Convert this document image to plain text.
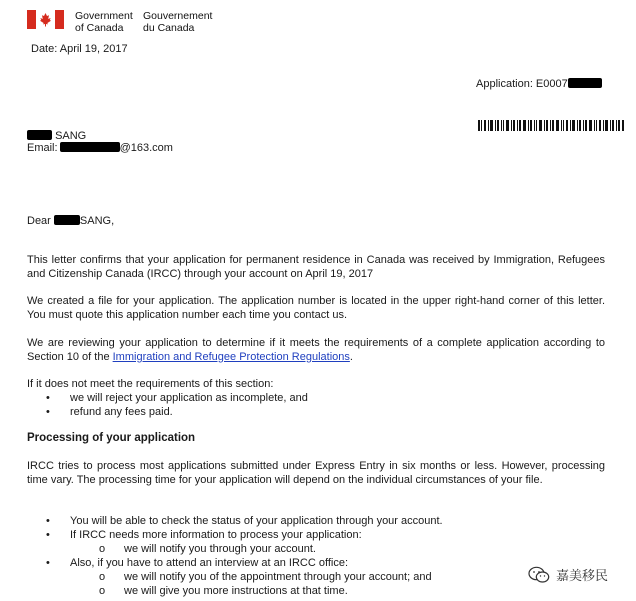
Government
of Canada
Gouvernement
du Canada
Date: April 19, 2017
Application: E0007
SANG
Email:	@163.com
Dear	SANG,
This letter confirms that your application for permanent residence in Canada was received by Immigration, Refugees and Citizenship Canada (IRCC) through your account on April 19, 2017
We created a file for your application. The application number is located in the upper right-hand corner of this letter. You must quote this application number each time you contact us.
We are reviewing your application to determine if it meets the requirements of a complete application according to Section 10 of the Immigration and Refugee Protection Regulations.
If it does not meet the requirements of this section:
• we will reject your application as incomplete, and
• refund any fees paid.
Processing of your application
IRCC tries to process most applications submitted under Express Entry in six months or less. However, processing time vary. The processing time for your application will depend on the individual circumstances of your file.
• You will be able to check the status of your application through your account.
• If IRCC needs more information to process your application:
o we will notify you through your account.
• Also, if you have to attend an interview at an IRCC office:
o we will notify you of the appointment through your account; and
o we will give you more instructions at that time.
嘉美移民
